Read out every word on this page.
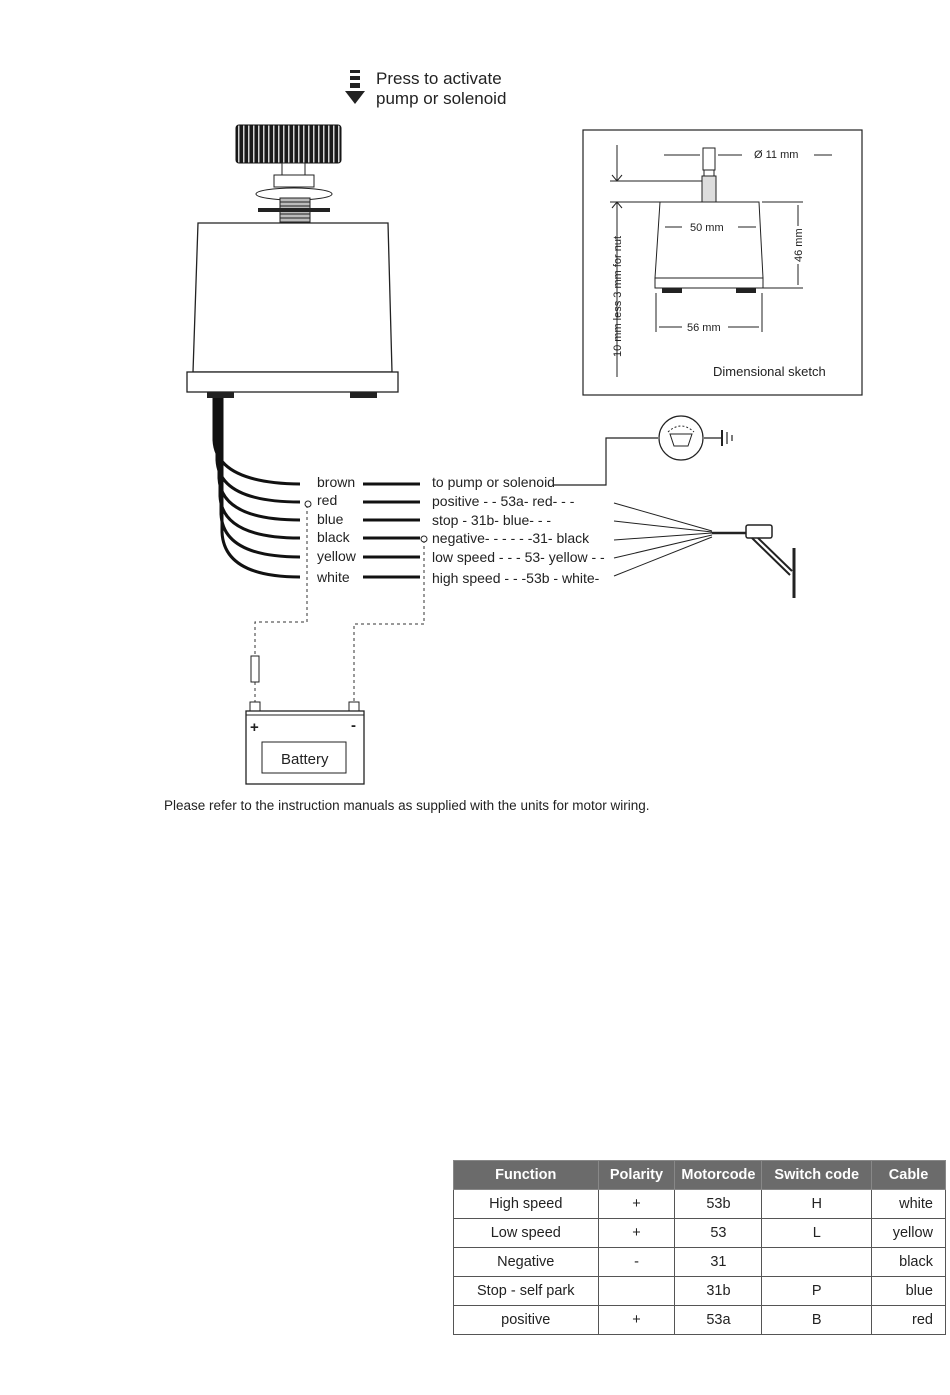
Press to activate
pump or solenoid
brown
red
blue
black
yellow
white
to pump or solenoid
positive - - 53a- red- - -
stop - 31b- blue- - -
negative- - - - - -31- black
low speed - - - 53- yellow - -
high speed - - -53b - white-
+	-
Battery
Ø 11 mm
50 mm
46 mm
56 mm
10 mm less 3 mm for nut
Dimensional sketch
Please refer to the instruction manuals as supplied with the units for motor wiring.
Function	Polarity	Motorcode	Switch code	Cable
High speed	+	53b	H	white
Low speed	+	53	L	yellow
Negative	-	31		black
Stop - self park		31b	P	blue
positive	+	53a	B	red
